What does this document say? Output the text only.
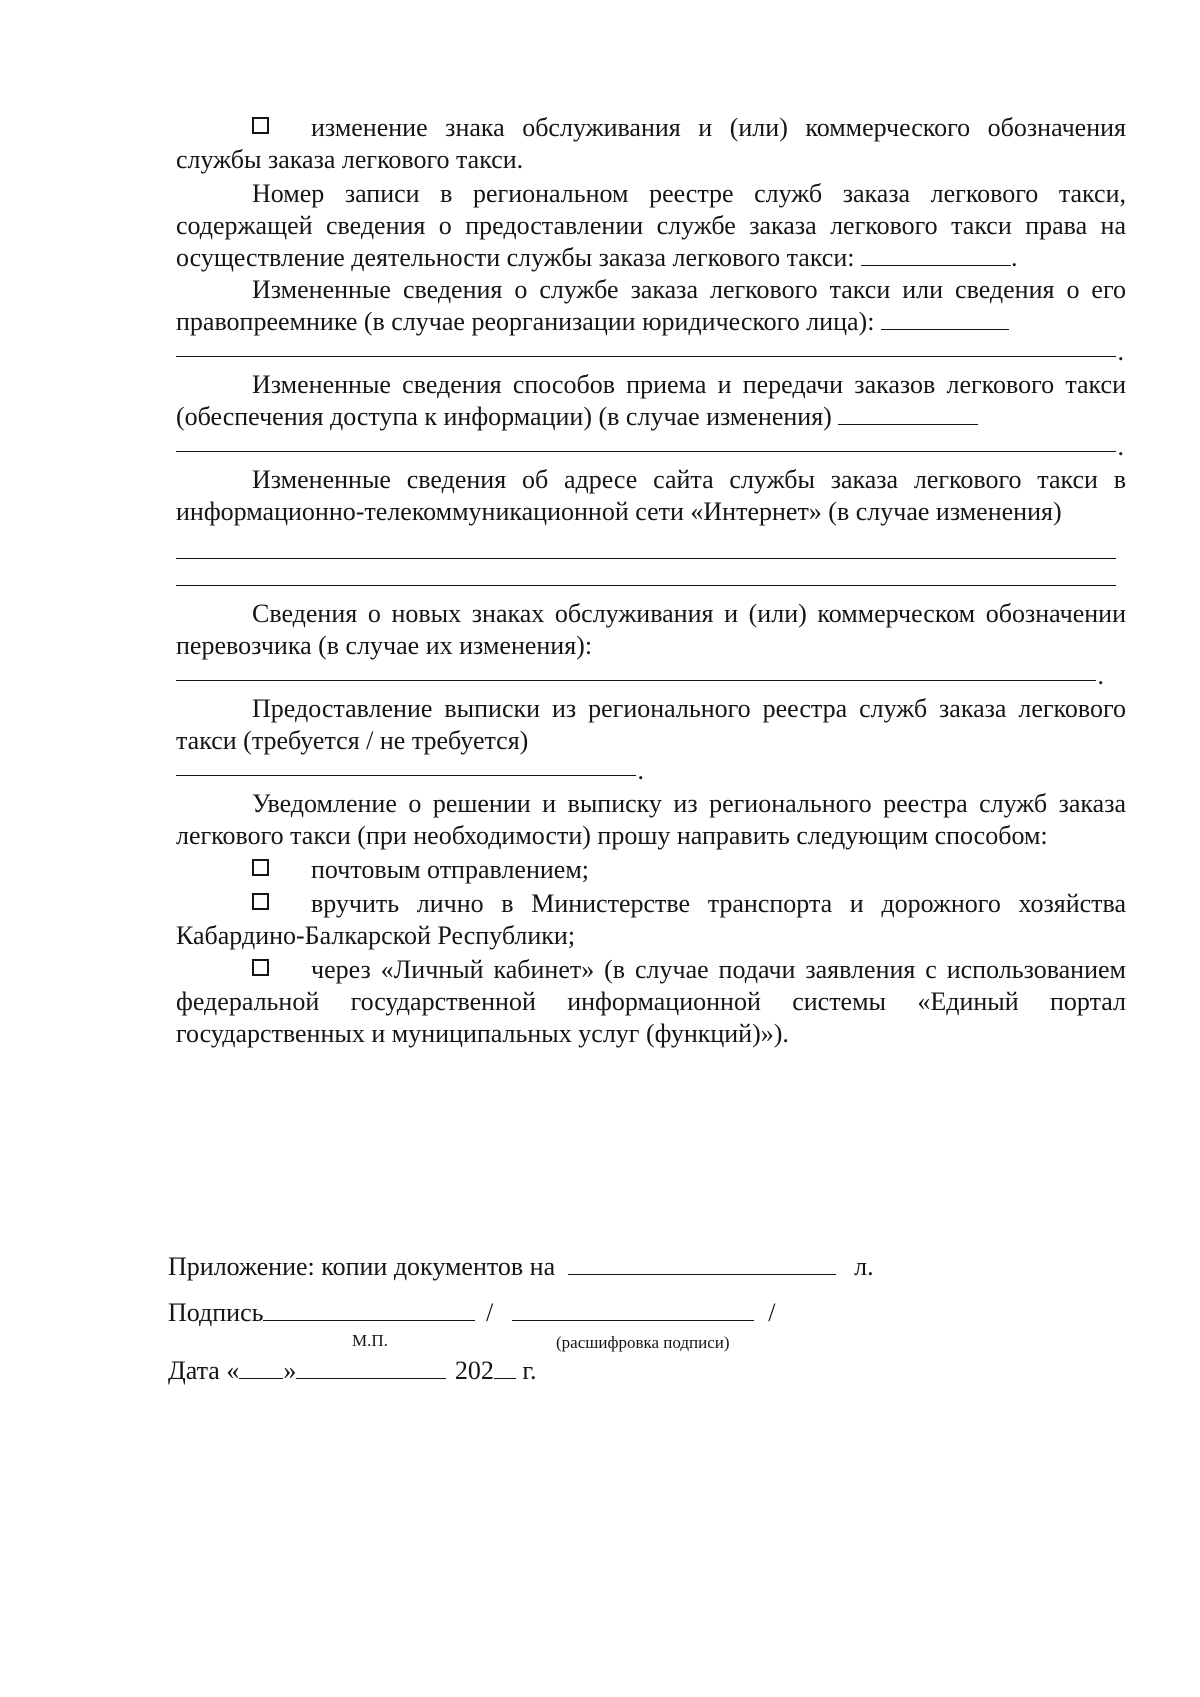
изменение знака обслуживания и (или) коммерческого обозначения службы заказа легкового такси.

Номер записи в региональном реестре служб заказа легкового такси, содержащей сведения о предоставлении службе заказа легкового такси права на осуществление деятельности службы заказа легкового такси:	.

Измененные сведения о службе заказа легкового такси или сведения о его правопреемнике (в случае реорганизации юридического лица):

.

Измененные сведения способов приема и передачи заказов легкового такси (обеспечения доступа к информации) (в случае изменения)

.

Измененные сведения об адресе сайта службы заказа легкового такси в информационно-телекоммуникационной сети «Интернет» (в случае изменения)

Сведения о новых знаках обслуживания и (или) коммерческом обозначении перевозчика (в случае их изменения):

.

Предоставление выписки из регионального реестра служб заказа легкового такси (требуется / не требуется)

.

Уведомление о решении и выписку из регионального реестра служб заказа легкового такси (при необходимости) прошу направить следующим способом:

почтовым отправлением;

вручить лично в Министерстве транспорта и дорожного хозяйства Кабардино-Балкарской Республики;

через «Личный кабинет» (в случае подачи заявления с использованием федеральной государственной информационной системы «Единый портал государственных и муниципальных услуг (функций)»).

Приложение: копии документов на	л.
Подпись	/	/
М.П.	(расшифровка подписи)
Дата « »	202 г.
